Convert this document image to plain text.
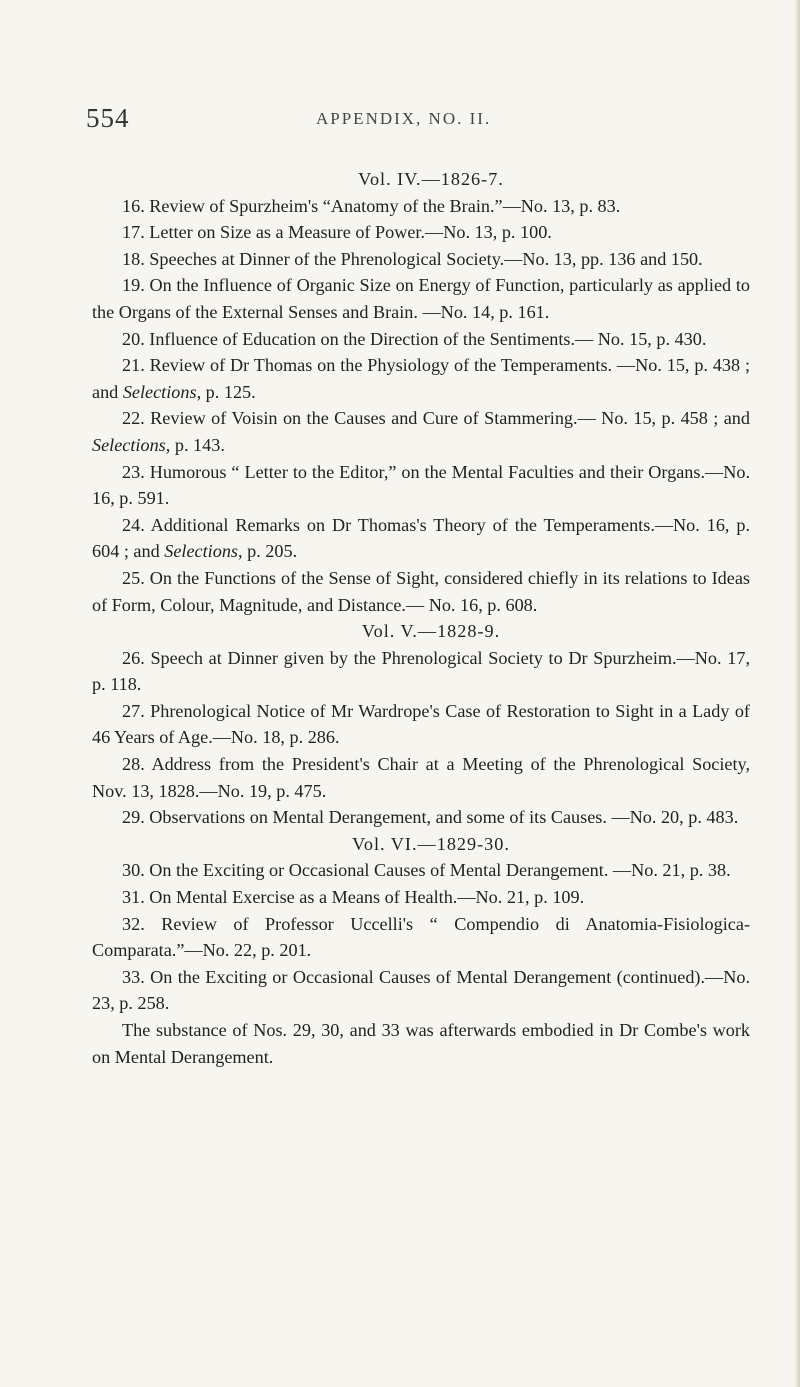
554	APPENDIX, NO. II.

Vol. IV.—1826-7.

16. Review of Spurzheim's “Anatomy of the Brain.”—No. 13, p. 83.

17. Letter on Size as a Measure of Power.—No. 13, p. 100.

18. Speeches at Dinner of the Phrenological Society.—No. 13, pp. 136 and 150.

19. On the Influence of Organic Size on Energy of Function, particularly as applied to the Organs of the External Senses and Brain. —No. 14, p. 161.

20. Influence of Education on the Direction of the Sentiments.— No. 15, p. 430.

21. Review of Dr Thomas on the Physiology of the Temperaments. —No. 15, p. 438 ; and Selections, p. 125.

22. Review of Voisin on the Causes and Cure of Stammering.— No. 15, p. 458 ; and Selections, p. 143.

23. Humorous “ Letter to the Editor,” on the Mental Faculties and their Organs.—No. 16, p. 591.

24. Additional Remarks on Dr Thomas's Theory of the Temperaments.—No. 16, p. 604 ; and Selections, p. 205.

25. On the Functions of the Sense of Sight, considered chiefly in its relations to Ideas of Form, Colour, Magnitude, and Distance.— No. 16, p. 608.

Vol. V.—1828-9.

26. Speech at Dinner given by the Phrenological Society to Dr Spurzheim.—No. 17, p. 118.

27. Phrenological Notice of Mr Wardrope's Case of Restoration to Sight in a Lady of 46 Years of Age.—No. 18, p. 286.

28. Address from the President's Chair at a Meeting of the Phrenological Society, Nov. 13, 1828.—No. 19, p. 475.

29. Observations on Mental Derangement, and some of its Causes. —No. 20, p. 483.

Vol. VI.—1829-30.

30. On the Exciting or Occasional Causes of Mental Derangement. —No. 21, p. 38.

31. On Mental Exercise as a Means of Health.—No. 21, p. 109.

32. Review of Professor Uccelli's “ Compendio di Anatomia-Fisiologica-Comparata.”—No. 22, p. 201.

33. On the Exciting or Occasional Causes of Mental Derangement (continued).—No. 23, p. 258.

The substance of Nos. 29, 30, and 33 was afterwards embodied in Dr Combe's work on Mental Derangement.
